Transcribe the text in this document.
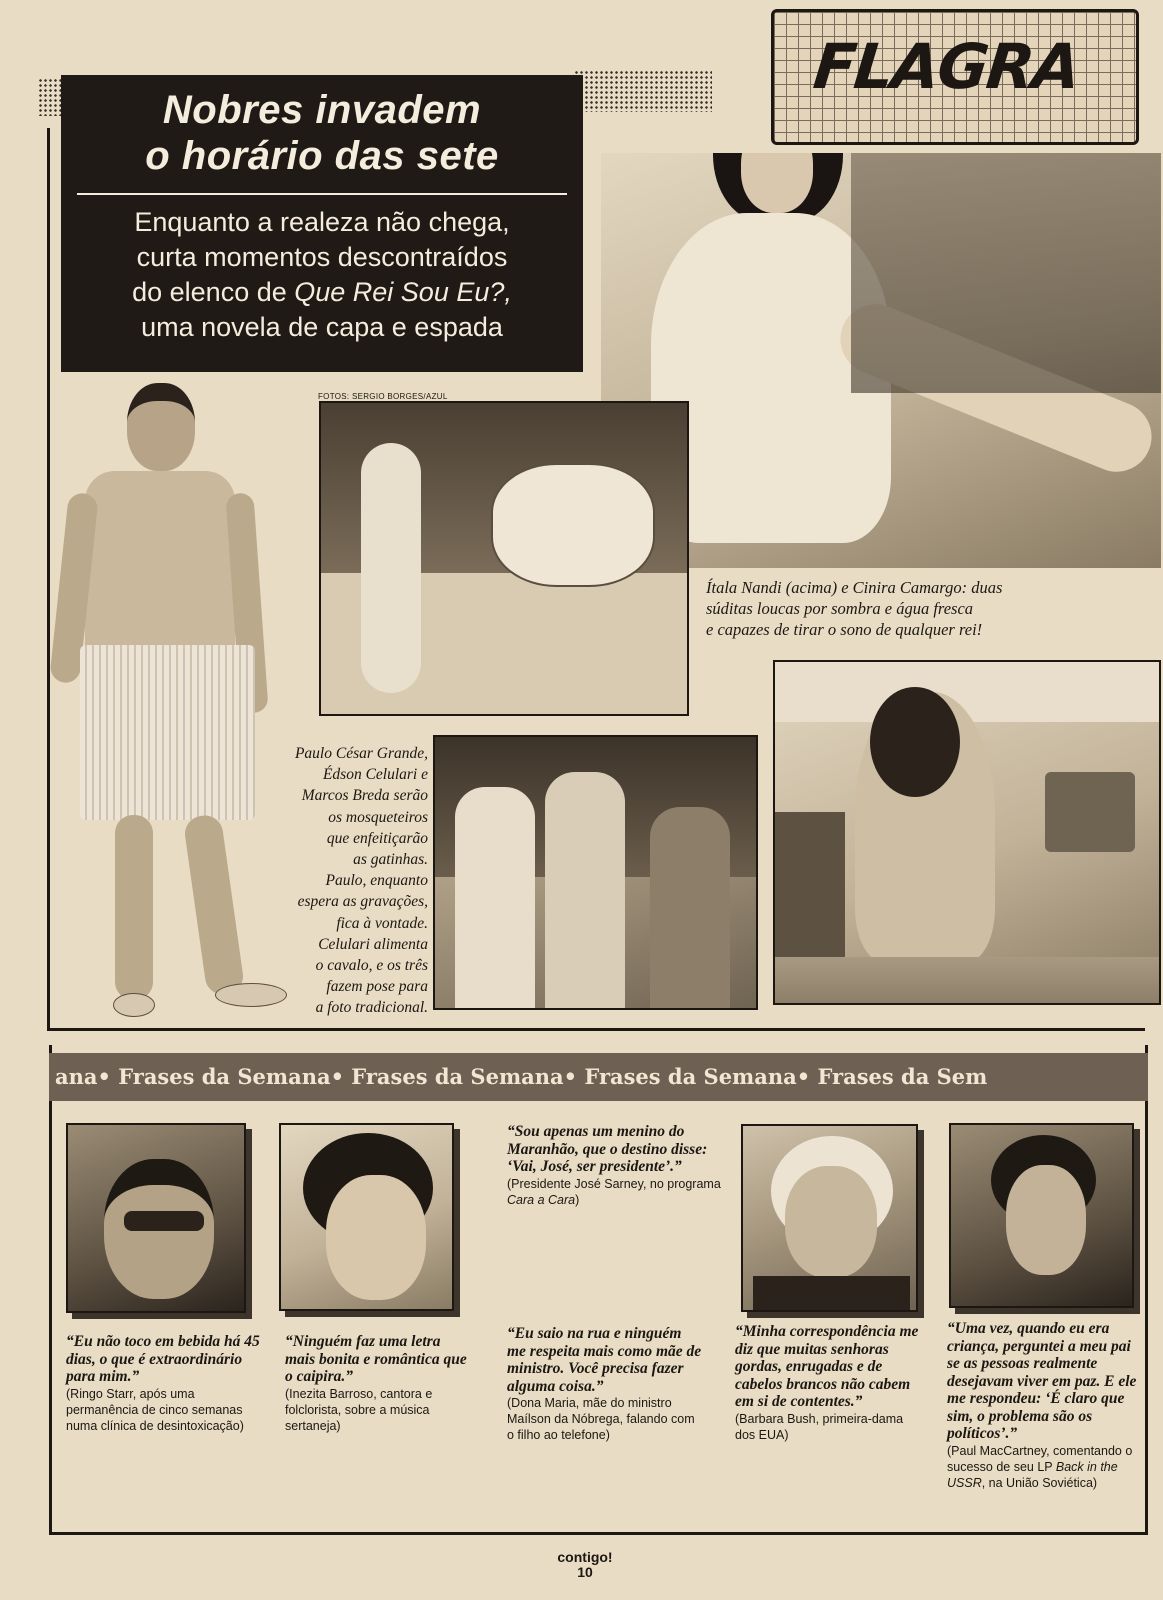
FLAGRA
Nobres invadem
o horário das sete
Enquanto a realeza não chega,
curta momentos descontraídos
do elenco de Que Rei Sou Eu?,
uma novela de capa e espada
FOTOS: SERGIO BORGES/AZUL
Ítala Nandi (acima) e Cinira Camargo: duas
súditas loucas por sombra e água fresca
e capazes de tirar o sono de qualquer rei!
Paulo César Grande,
Édson Celulari e
Marcos Breda serão
os mosqueteiros
que enfeitiçarão
as gatinhas.
Paulo, enquanto
espera as gravações,
fica à vontade.
Celulari alimenta
o cavalo, e os três
fazem pose para
a foto tradicional.
ana• Frases da Semana• Frases da Semana• Frases da Semana• Frases da Sem
“Eu não toco em bebida há 45 dias, o que é extraordinário para mim.”
(Ringo Starr, após uma permanência de cinco semanas numa clínica de desintoxicação)
“Ninguém faz uma letra mais bonita e romântica que o caipira.”
(Inezita Barroso, cantora e folclorista, sobre a música sertaneja)
“Sou apenas um menino do Maranhão, que o destino disse: ‘Vai, José, ser presidente’.”
(Presidente José Sarney, no programa Cara a Cara)
“Eu saio na rua e ninguém me respeita mais como mãe de ministro. Você precisa fazer alguma coisa.”
(Dona Maria, mãe do ministro Maílson da Nóbrega, falando com o filho ao telefone)
“Minha correspondência me diz que muitas senhoras gordas, enrugadas e de cabelos brancos não cabem em si de contentes.”
(Barbara Bush, primeira-dama dos EUA)
“Uma vez, quando eu era criança, perguntei a meu pai se as pessoas realmente desejavam viver em paz. E ele me respondeu: ‘É claro que sim, o problema são os políticos’.”
(Paul MacCartney, comentando o sucesso de seu LP Back in the USSR, na União Soviética)
contigo!
10
